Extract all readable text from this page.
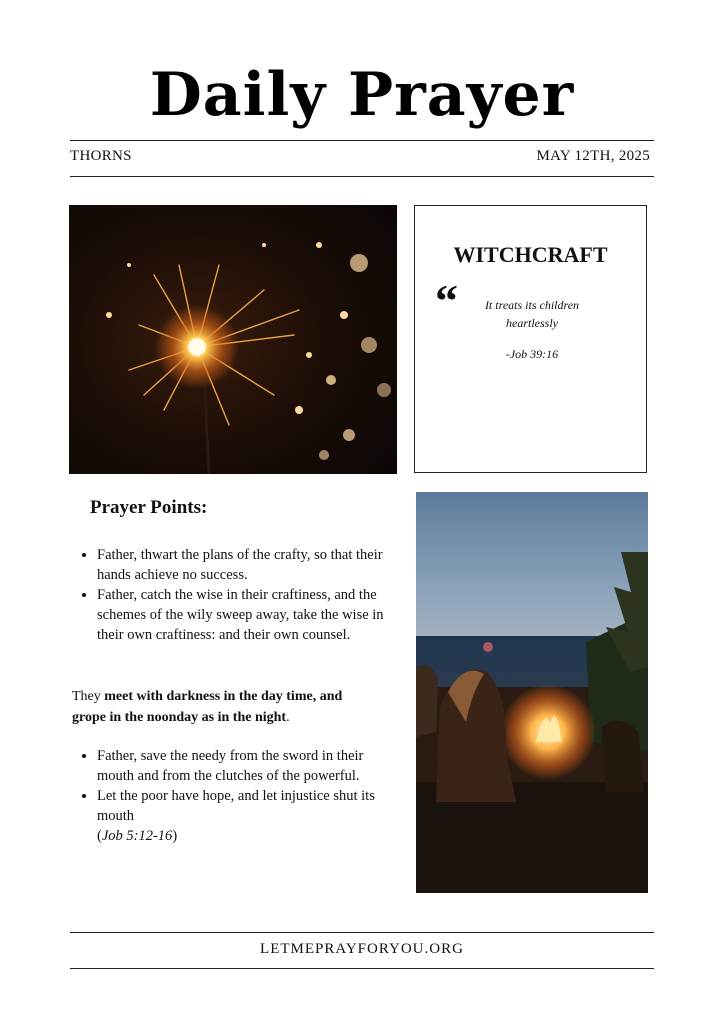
Daily Prayer
THORNS	MAY 12TH, 2025
WITCHCRAFT
“	It treats its children heartlessly
-Job 39:16
Prayer Points:
• Father, thwart the plans of the crafty, so that their hands achieve no success.
• Father, catch the wise in their craftiness, and the schemes of the wily sweep away, take the wise in their own craftiness: and their own counsel.
They meet with darkness in the day time, and grope in the noonday as in the night.
• Father, save the needy from the sword in their mouth and from the clutches of the powerful.
• Let the poor have hope, and let injustice shut its mouth
(Job 5:12-16)
LETMEPRAYFORYOU.ORG
